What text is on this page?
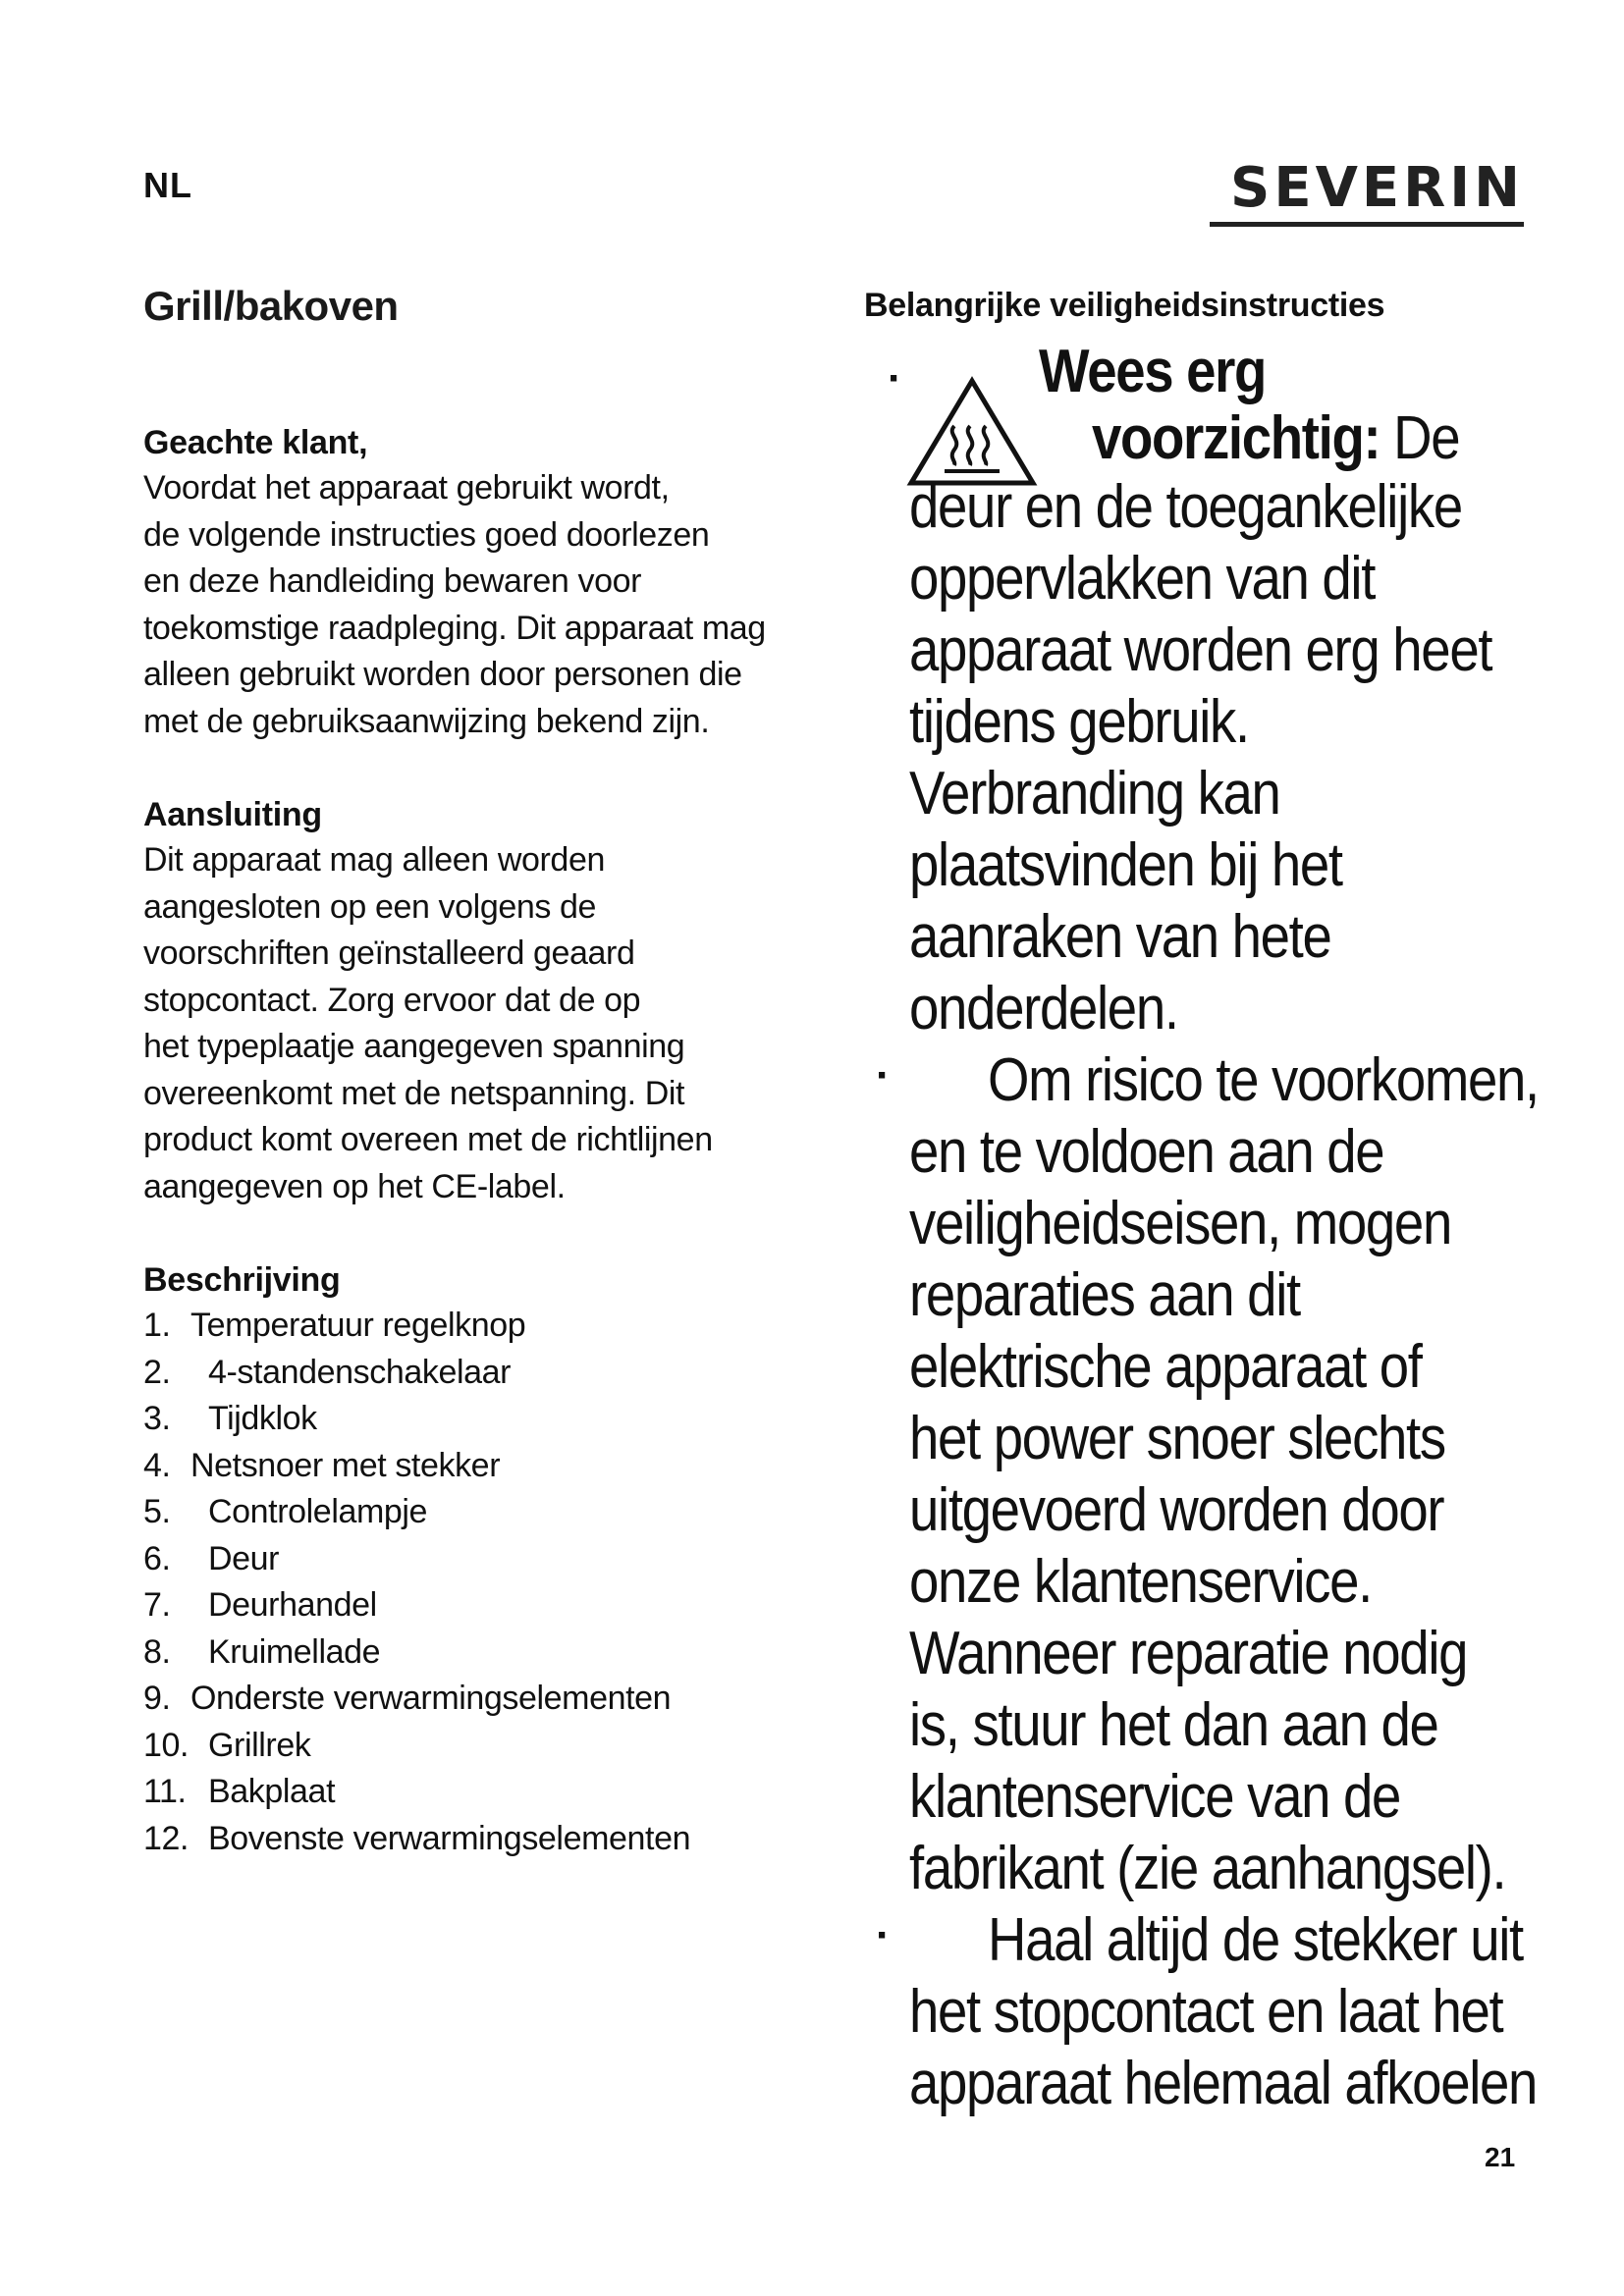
NL	SEVERIN
Grill/bakoven
Geachte klant,
Voordat het apparaat gebruikt wordt,
de volgende instructies goed doorlezen
en deze handleiding bewaren voor
toekomstige raadpleging. Dit apparaat mag
alleen gebruikt worden door personen die
met de gebruiksaanwijzing bekend zijn.
Aansluiting
Dit apparaat mag alleen worden
aangesloten op een volgens de
voorschriften geïnstalleerd geaard
stopcontact. Zorg ervoor dat de op
het typeplaatje aangegeven spanning
overeenkomt met de netspanning. Dit
product komt overeen met de richtlijnen
aangegeven op het CE-label.
Beschrijving
1. Temperatuur regelknop
2.	4-standenschakelaar
3.	Tijdklok
4. Netsnoer met stekker
5.	Controlelampje
6.	Deur
7.	Deurhandel
8.	Kruimellade
9. Onderste verwarmingselementen
10. Grillrek
11. Bakplaat
12. Bovenste verwarmingselementen
Belangrijke veiligheidsinstructies
· Wees erg
voorzichtig: De
deur en de toegankelijke
oppervlakken van dit
apparaat worden erg heet
tijdens gebruik.
Verbranding kan
plaatsvinden bij het
aanraken van hete
onderdelen.
· Om risico te voorkomen,
en te voldoen aan de
veiligheidseisen, mogen
reparaties aan dit
elektrische apparaat of
het power snoer slechts
uitgevoerd worden door
onze klantenservice.
Wanneer reparatie nodig
is, stuur het dan aan de
klantenservice van de
fabrikant (zie aanhangsel).
· Haal altijd de stekker uit
het stopcontact en laat het
apparaat helemaal afkoelen
21
